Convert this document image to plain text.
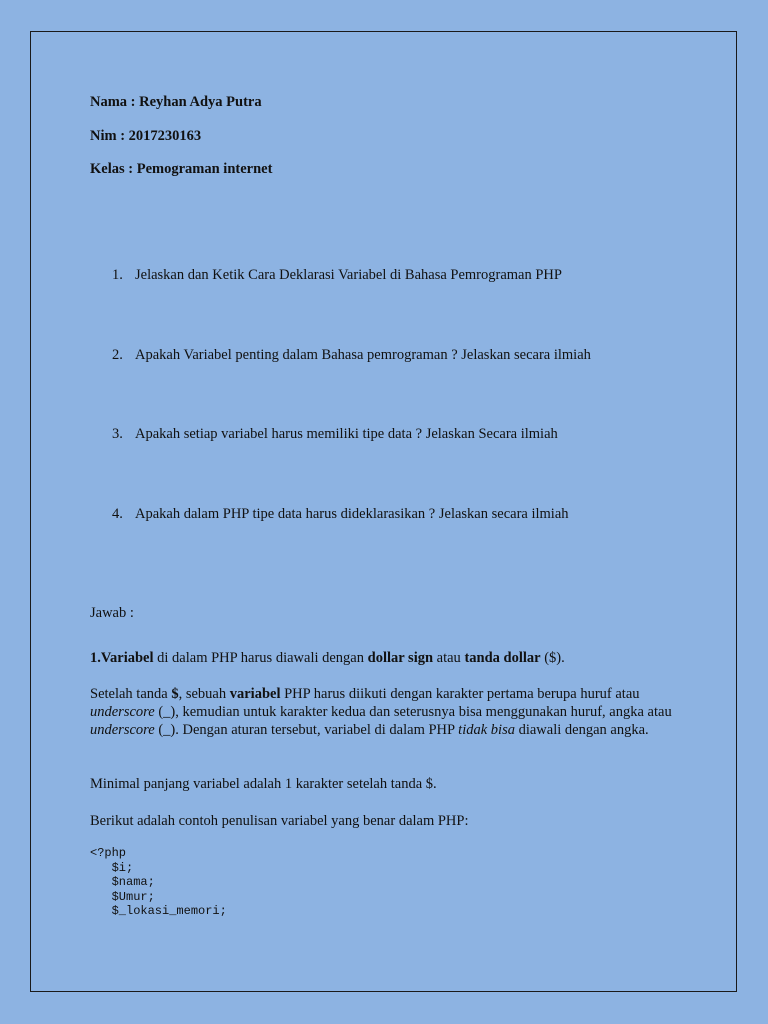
Nama : Reyhan Adya Putra
Nim : 2017230163
Kelas : Pemograman internet
1. Jelaskan dan Ketik Cara Deklarasi Variabel di Bahasa Pemrograman PHP
2. Apakah Variabel penting dalam Bahasa pemrograman ? Jelaskan secara ilmiah
3. Apakah setiap variabel harus memiliki tipe data ? Jelaskan Secara ilmiah
4. Apakah dalam PHP tipe data harus dideklarasikan ? Jelaskan secara ilmiah
Jawab :
1.Variabel di dalam PHP harus diawali dengan dollar sign atau tanda dollar ($).
Setelah tanda $, sebuah variabel PHP harus diikuti dengan karakter pertama berupa huruf atau underscore (_), kemudian untuk karakter kedua dan seterusnya bisa menggunakan huruf, angka atau underscore (_). Dengan aturan tersebut, variabel di dalam PHP tidak bisa diawali dengan angka.
Minimal panjang variabel adalah 1 karakter setelah tanda $.
Berikut adalah contoh penulisan variabel yang benar dalam PHP:
<?php
$i;
$nama;
$Umur;
$_lokasi_memori;
